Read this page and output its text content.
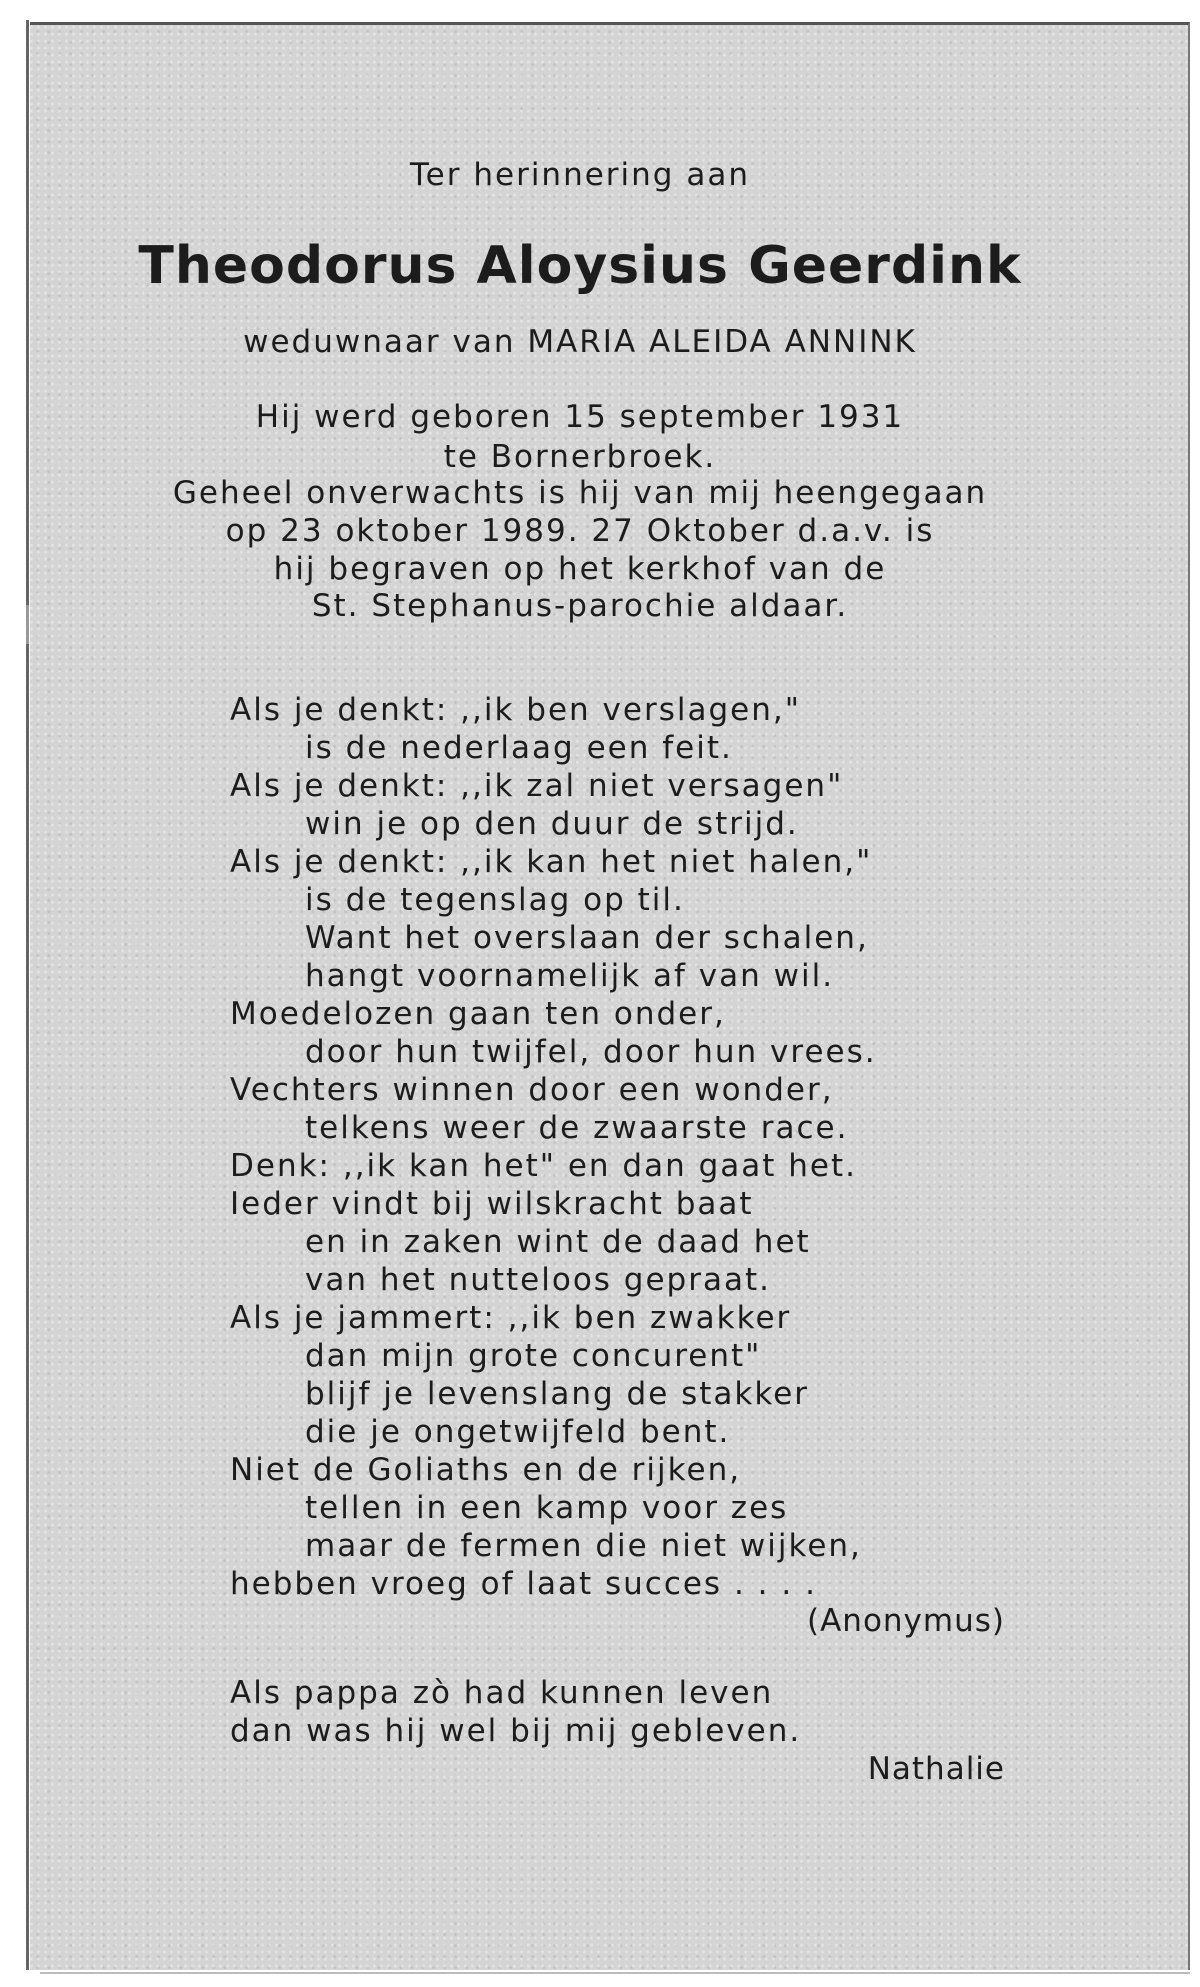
Ter herinnering aan

Theodorus Aloysius Geerdink

weduwnaar van MARIA ALEIDA ANNINK

Hij werd geboren 15 september 1931

te Bornerbroek.

Geheel onverwachts is hij van mij heengegaan

op 23 oktober 1989. 27 Oktober d.a.v. is

hij begraven op het kerkhof van de

St. Stephanus-parochie aldaar.

Als je denkt: ,,ik ben verslagen,"

is de nederlaag een feit.

Als je denkt: ,,ik zal niet versagen"

win je op den duur de strijd.

Als je denkt: ,,ik kan het niet halen,"

is de tegenslag op til.

Want het overslaan der schalen,

hangt voornamelijk af van wil.

Moedelozen gaan ten onder,

door hun twijfel, door hun vrees.

Vechters winnen door een wonder,

telkens weer de zwaarste race.

Denk: ,,ik kan het" en dan gaat het.

Ieder vindt bij wilskracht baat

en in zaken wint de daad het

van het nutteloos gepraat.

Als je jammert: ,,ik ben zwakker

dan mijn grote concurent"

blijf je levenslang de stakker

die je ongetwijfeld bent.

Niet de Goliaths en de rijken,

tellen in een kamp voor zes

maar de fermen die niet wijken,

hebben vroeg of laat succes . . . .

(Anonymus)

Als pappa zò had kunnen leven

dan was hij wel bij mij gebleven.

Nathalie
